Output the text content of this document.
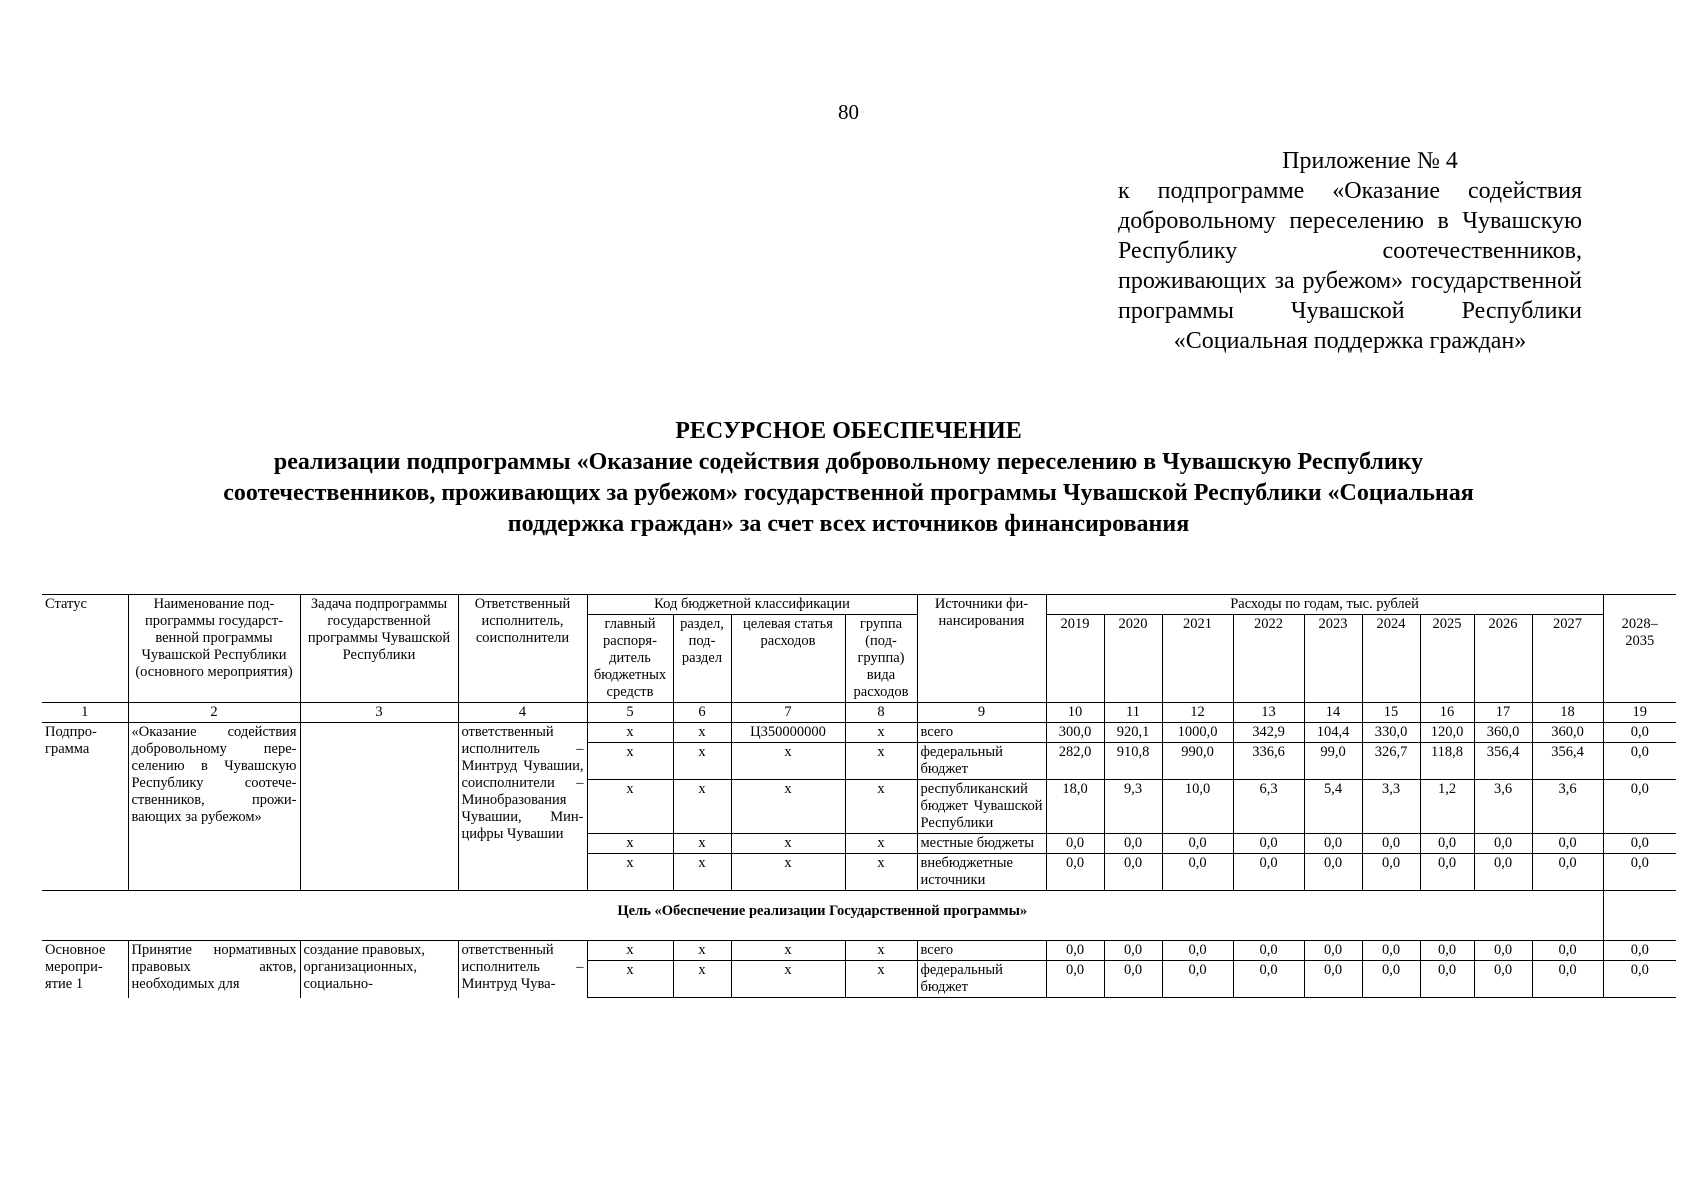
80
Приложение № 4
к подпрограмме «Оказание содействия добровольному переселению в Чувашскую Республику соотечественников, проживающих за рубежом» государственной программы Чувашской Республики «Социальная поддержка граждан»
РЕСУРСНОЕ ОБЕСПЕЧЕНИЕ
реализации подпрограммы «Оказание содействия добровольному переселению в Чувашскую Республику соотечественников, проживающих за рубежом» государственной программы Чувашской Республики «Социальная поддержка граждан» за счет всех источников финансирования
Статус	Наименование подпрограммы государственной программы Чувашской Республики (основного мероприятия)	Задача подпрограммы государственной программы Чувашской Республики	Ответственный исполнитель, соисполнители	Код бюджетной классификации				Источники финансирования	Расходы по годам, тыс. рублей									
				главный распорядитель бюджетных средств	раздел, подраздел	целевая статья расходов	группа (подгруппа) вида расходов		2019	2020	2021	2022	2023	2024	2025	2026	2027	2028–2035
1	2	3	4	5	6	7	8	9	10	11	12	13	14	15	16	17	18	19
Подпрограмма	«Оказание содействия добровольному переселению в Чувашскую Республику соотечественников, проживающих за рубежом»		ответственный исполнитель – Минтруд Чувашии, соисполнители – Минобразования Чувашии, Минцифры Чувашии	x	x	Ц350000000	x	всего	300,0	920,1	1000,0	342,9	104,4	330,0	120,0	360,0	360,0	0,0
				x	x	x	x	федеральный бюджет	282,0	910,8	990,0	336,6	99,0	326,7	118,8	356,4	356,4	0,0
				x	x	x	x	республиканский бюджет Чувашской Республики	18,0	9,3	10,0	6,3	5,4	3,3	1,2	3,6	3,6	0,0
				x	x	x	x	местные бюджеты	0,0	0,0	0,0	0,0	0,0	0,0	0,0	0,0	0,0	0,0
				x	x	x	x	внебюджетные источники	0,0	0,0	0,0	0,0	0,0	0,0	0,0	0,0	0,0	0,0
Цель «Обеспечение реализации Государственной программы»																		
Основное мероприятие 1	Принятие нормативных правовых актов, необходимых для	создание правовых, организационных, социально-	ответственный исполнитель – Минтруд Чува-	x	x	x	x	всего	0,0	0,0	0,0	0,0	0,0	0,0	0,0	0,0	0,0	0,0
				x	x	x	x	федеральный бюджет	0,0	0,0	0,0	0,0	0,0	0,0	0,0	0,0	0,0	0,0
